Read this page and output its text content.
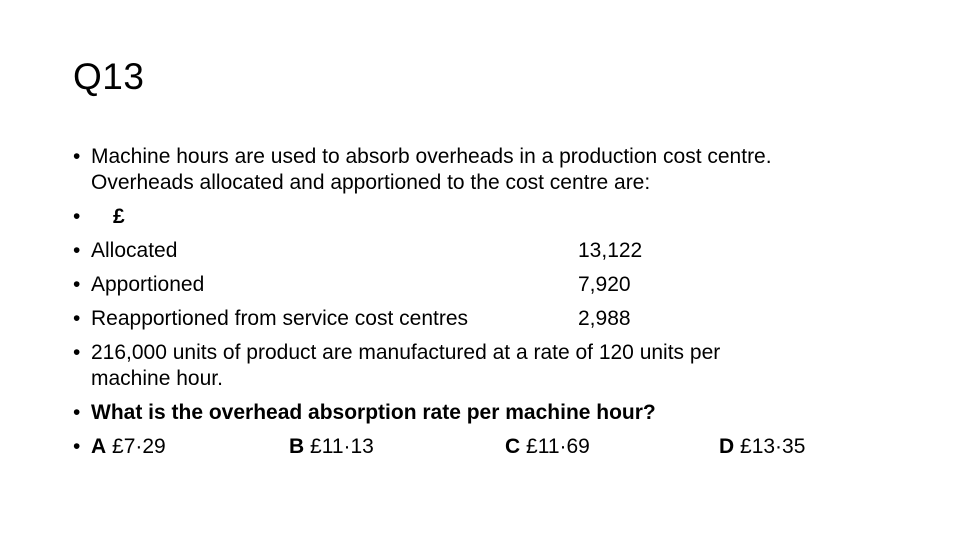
Q13
• Machine hours are used to absorb overheads in a production cost centre.
Overheads allocated and apportioned to the cost centre are:
•	£
• Allocated	13,122
• Apportioned	7,920
• Reapportioned from service cost centres	2,988
• 216,000 units of product are manufactured at a rate of 120 units per
machine hour.
• What is the overhead absorption rate per machine hour?
• A £7·29	B £11·13	C £11·69	D £13·35
